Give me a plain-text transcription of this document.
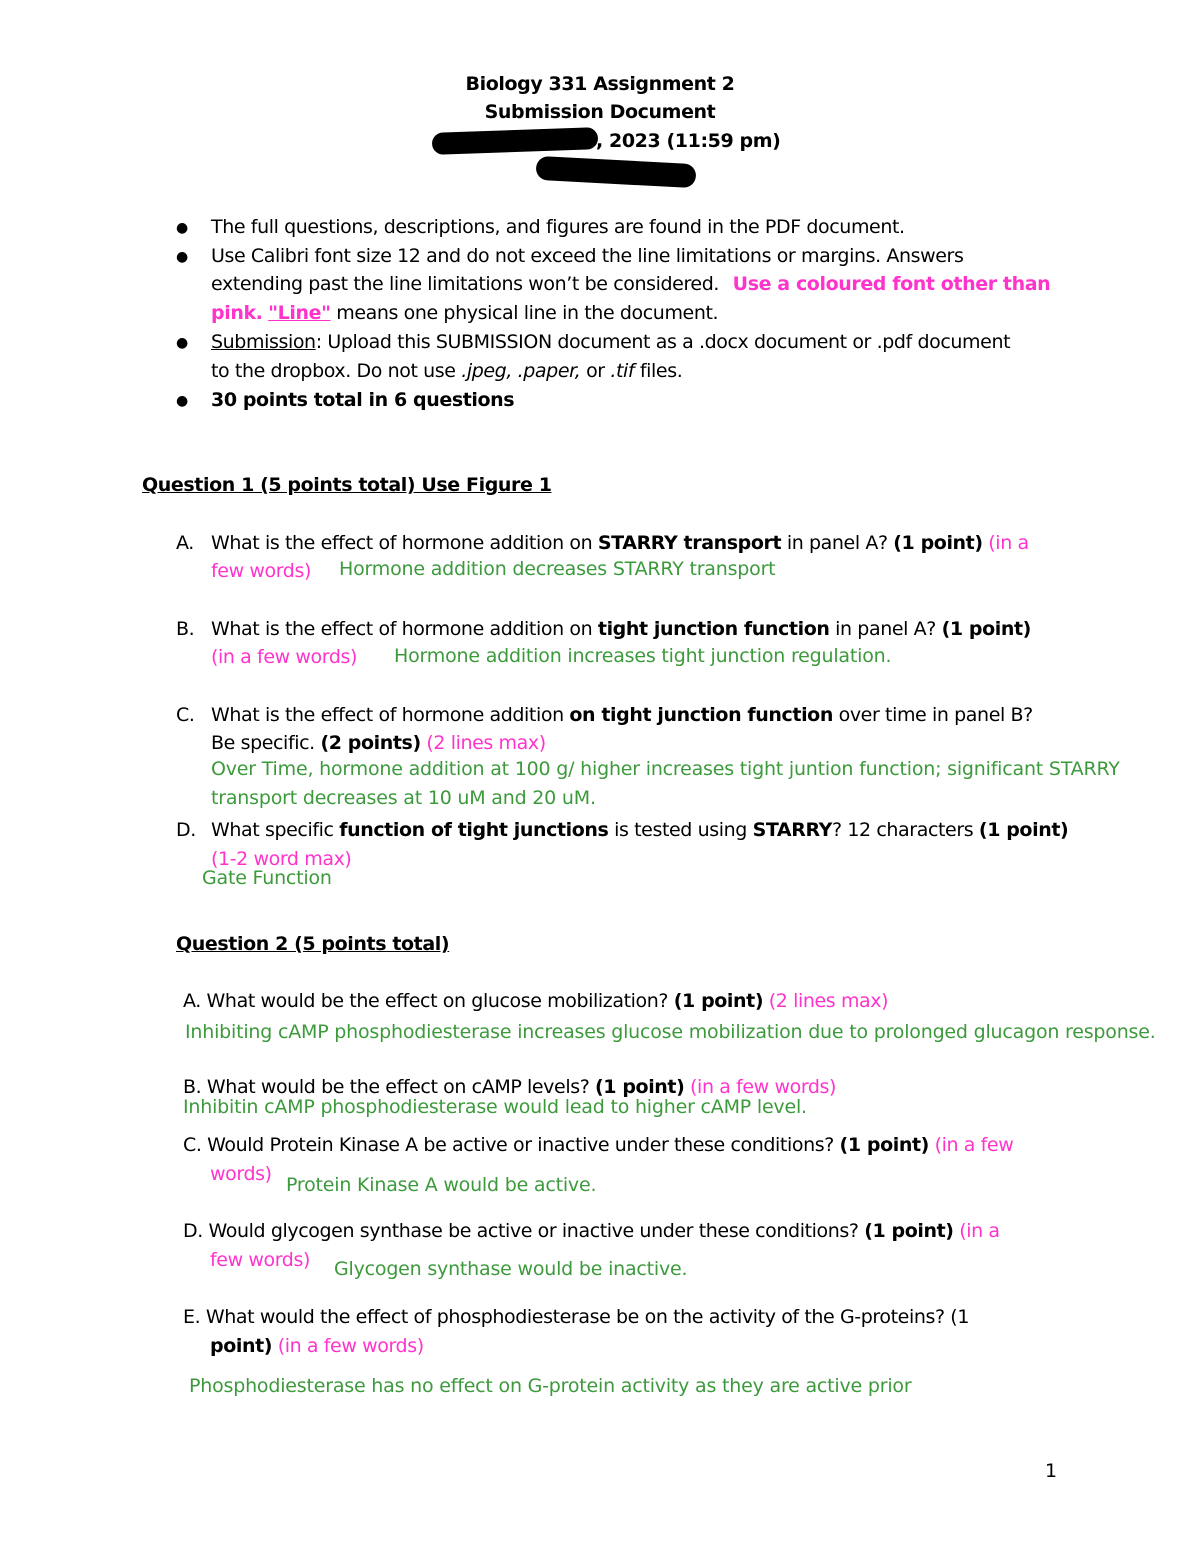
Biology 331 Assignment 2
Submission Document
, 2023 (11:59 pm)
● The full questions, descriptions, and figures are found in the PDF document.
● Use Calibri font size 12 and do not exceed the line limitations or margins. Answers
extending past the line limitations won’t be considered. Use a coloured font other than
pink. "Line" means one physical line in the document.
● Submission: Upload this SUBMISSION document as a .docx document or .pdf document
to the dropbox. Do not use .jpeg, .paper, or .tif files.
● 30 points total in 6 questions
Question 1 (5 points total) Use Figure 1
A. What is the effect of hormone addition on STARRY transport in panel A? (1 point) (in a
few words) Hormone addition decreases STARRY transport
B. What is the effect of hormone addition on tight junction function in panel A? (1 point)
(in a few words) Hormone addition increases tight junction regulation.
C. What is the effect of hormone addition on tight junction function over time in panel B?
Be specific. (2 points) (2 lines max)
Over Time, hormone addition at 100 g/ higher increases tight juntion function; significant STARRY
transport decreases at 10 uM and 20 uM.
D. What specific function of tight junctions is tested using STARRY? 12 characters (1 point)
(1-2 word max)
Gate Function
Question 2 (5 points total)
A. What would be the effect on glucose mobilization? (1 point) (2 lines max)
Inhibiting cAMP phosphodiesterase increases glucose mobilization due to prolonged glucagon response.
B. What would be the effect on cAMP levels? (1 point) (in a few words)
Inhibitin cAMP phosphodiesterase would lead to higher cAMP level.
C. Would Protein Kinase A be active or inactive under these conditions? (1 point) (in a few
words) Protein Kinase A would be active.
D. Would glycogen synthase be active or inactive under these conditions? (1 point) (in a
few words) Glycogen synthase would be inactive.
E. What would the effect of phosphodiesterase be on the activity of the G-proteins? (1
point) (in a few words)
Phosphodiesterase has no effect on G-protein activity as they are active prior
1
